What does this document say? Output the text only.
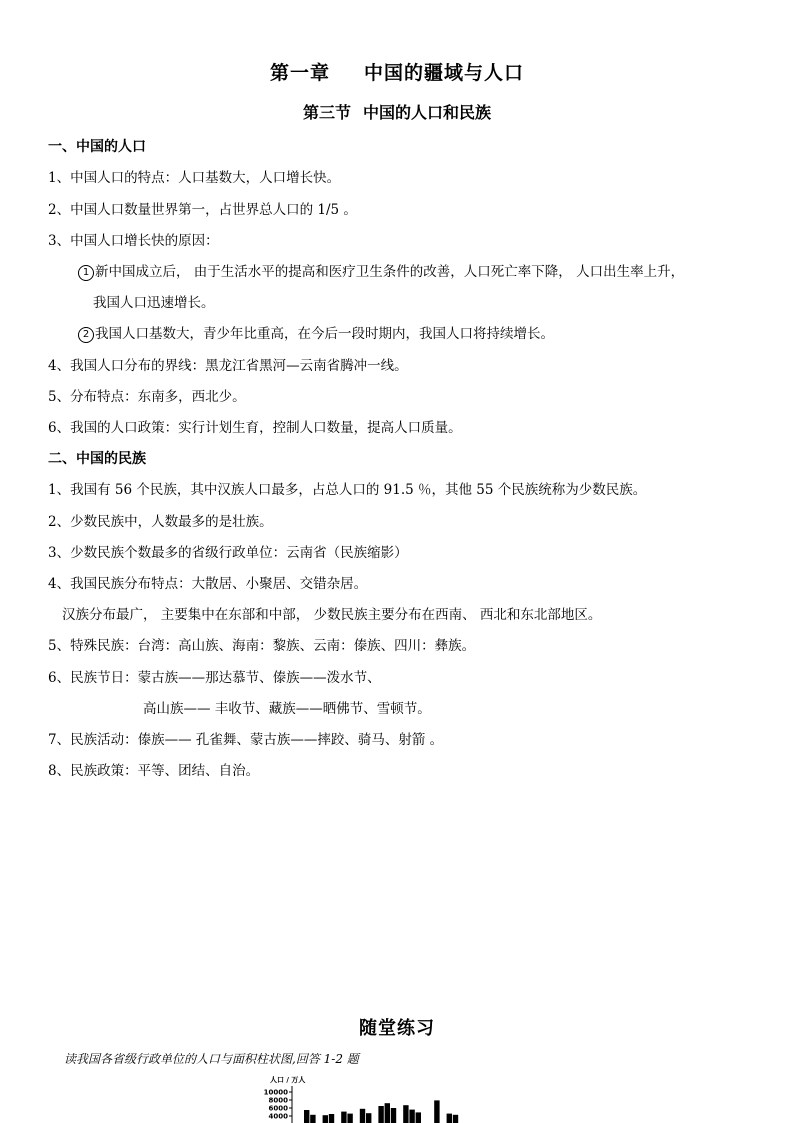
第一章 中国的疆域与人口
第三节 中国的人口和民族
一、中国的人口
1、中国人口的特点：人口基数大，人口增长快。
2、中国人口数量世界第一，占世界总人口的 1/5 。
3、中国人口增长快的原因：
1 新中国成立后， 由于生活水平的提高和医疗卫生条件的改善，人口死亡率下降， 人口出生率上升，
我国人口迅速增长。
2 我国人口基数大，青少年比重高，在今后一段时期内，我国人口将持续增长。
4、我国人口分布的界线：黑龙江省黑河—云南省腾冲一线。
5、分布特点：东南多，西北少。
6、我国的人口政策：实行计划生育，控制人口数量，提高人口质量。
二、中国的民族
1、我国有 56 个民族，其中汉族人口最多，占总人口的 91.5 ％，其他 55 个民族统称为少数民族。
2、少数民族中，人数最多的是壮族。
3、少数民族个数最多的省级行政单位：云南省（民族缩影）
4、我国民族分布特点：大散居、小聚居、交错杂居。
汉族分布最广， 主要集中在东部和中部， 少数民族主要分布在西南、 西北和东北部地区。
5、特殊民族：台湾：高山族、海南：黎族、云南：傣族、四川：彝族。
6、民族节日：蒙古族——那达慕节、傣族——泼水节、
高山族—— 丰收节、藏族——晒佛节、雪顿节。
7、民族活动：傣族—— 孔雀舞、蒙古族——摔跤、骑马、射箭 。
8、民族政策：平等、团结、自治。
随堂练习
读我国各省级行政单位的人口与面积柱状图,回答 1-2 题
人口 / 万人
10000
8000
6000
4000
